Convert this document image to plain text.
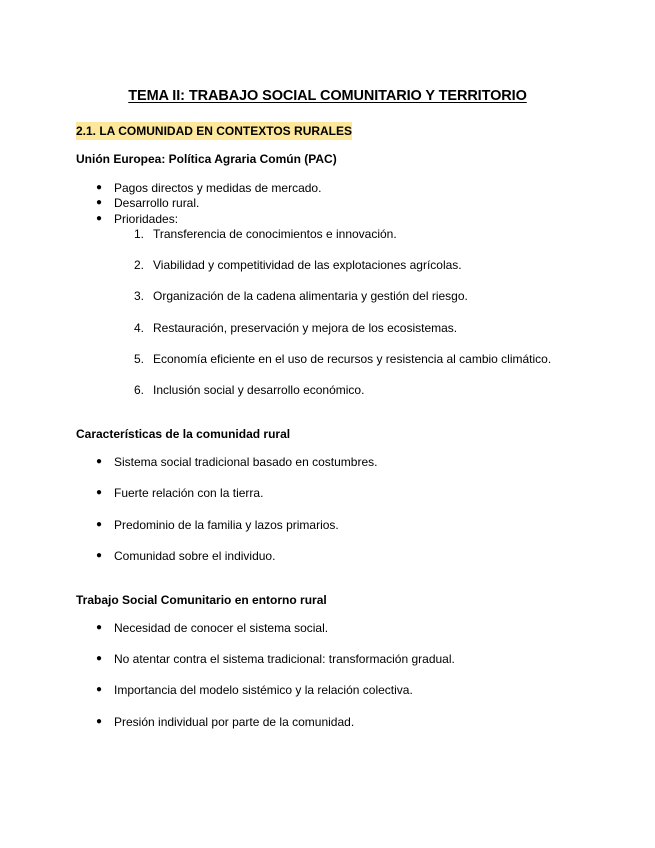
TEMA II: TRABAJO SOCIAL COMUNITARIO Y TERRITORIO
2.1. LA COMUNIDAD EN CONTEXTOS RURALES
Unión Europea: Política Agraria Común (PAC)
● Pagos directos y medidas de mercado.
● Desarrollo rural.
● Prioridades:
1. Transferencia de conocimientos e innovación.
2. Viabilidad y competitividad de las explotaciones agrícolas.
3. Organización de la cadena alimentaria y gestión del riesgo.
4. Restauración, preservación y mejora de los ecosistemas.
5. Economía eficiente en el uso de recursos y resistencia al cambio climático.
6. Inclusión social y desarrollo económico.
Características de la comunidad rural
● Sistema social tradicional basado en costumbres.
● Fuerte relación con la tierra.
● Predominio de la familia y lazos primarios.
● Comunidad sobre el individuo.
Trabajo Social Comunitario en entorno rural
● Necesidad de conocer el sistema social.
● No atentar contra el sistema tradicional: transformación gradual.
● Importancia del modelo sistémico y la relación colectiva.
● Presión individual por parte de la comunidad.
